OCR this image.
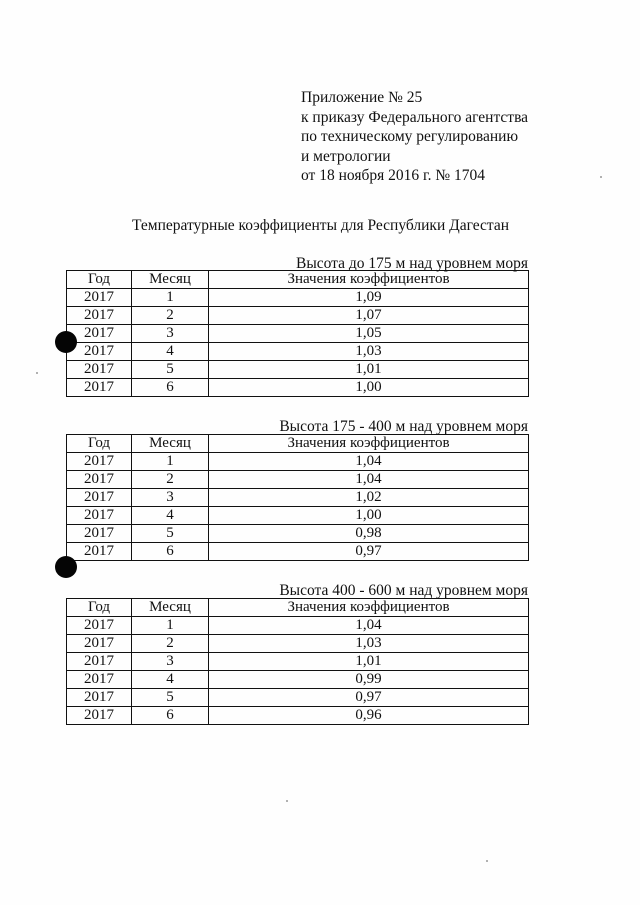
Приложение № 25
к приказу Федерального агентства
по техническому регулированию
и метрологии
от 18 ноября 2016 г. № 1704
Температурные коэффициенты для Республики Дагестан
Высота до 175 м над уровнем моря
Год	Месяц	Значения коэффициентов
2017	1	1,09
2017	2	1,07
2017	3	1,05
2017	4	1,03
2017	5	1,01
2017	6	1,00
Высота 175 - 400 м над уровнем моря
Год	Месяц	Значения коэффициентов
2017	1	1,04
2017	2	1,04
2017	3	1,02
2017	4	1,00
2017	5	0,98
2017	6	0,97
Высота 400 - 600 м над уровнем моря
Год	Месяц	Значения коэффициентов
2017	1	1,04
2017	2	1,03
2017	3	1,01
2017	4	0,99
2017	5	0,97
2017	6	0,96
